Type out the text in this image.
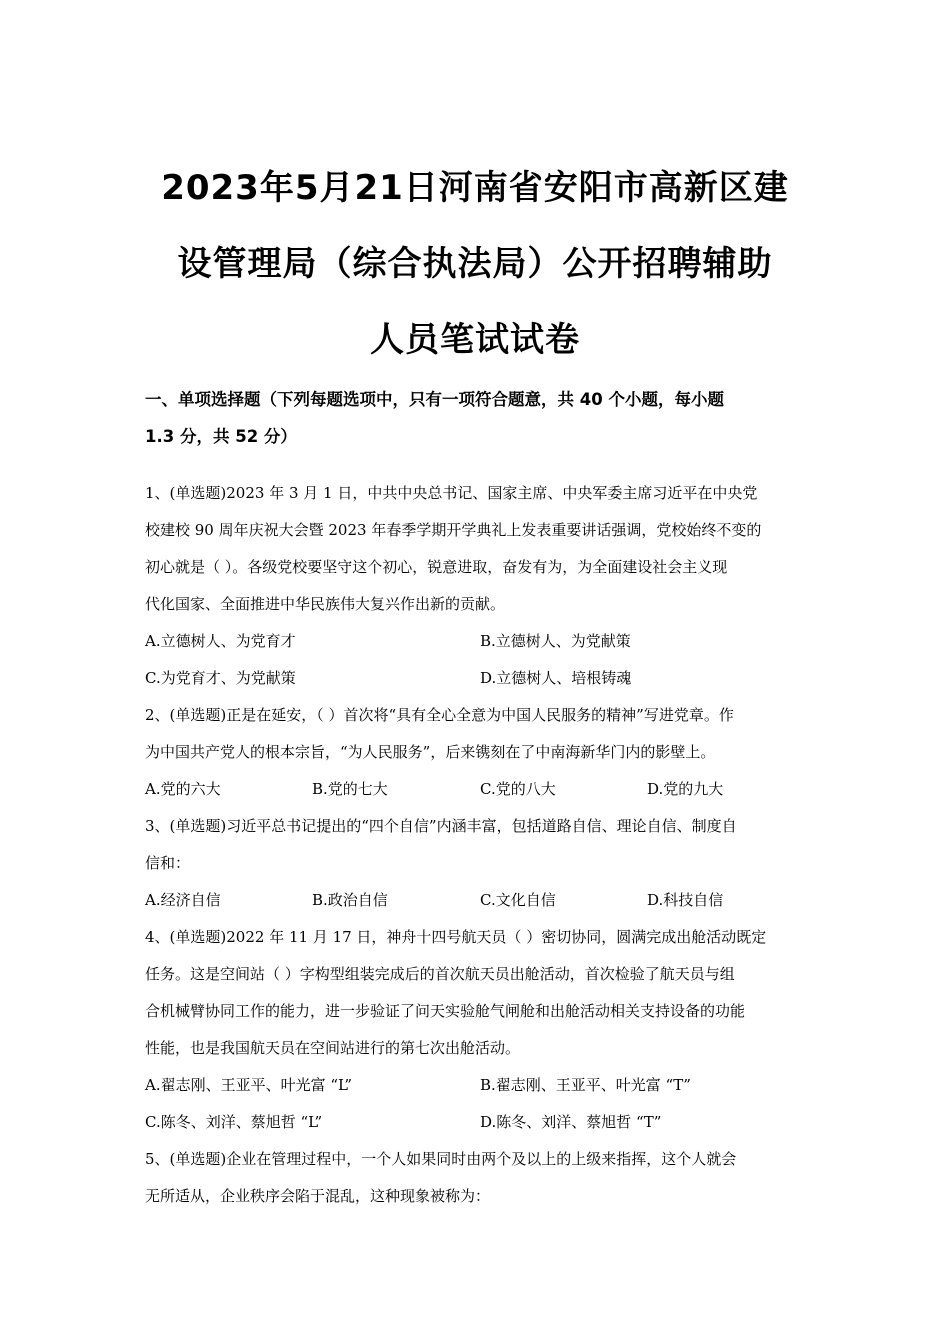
2023年5月21日河南省安阳市高新区建
设管理局（综合执法局）公开招聘辅助
人员笔试试卷
一、单项选择题（下列每题选项中，只有一项符合题意，共 40 个小题，每小题
1.3 分，共 52 分）
1、(单选题)2023 年 3 月 1 日，中共中央总书记、国家主席、中央军委主席习近平在中央党
校建校 90 周年庆祝大会暨 2023 年春季学期开学典礼上发表重要讲话强调，党校始终不变的
初心就是（ ）。各级党校要坚守这个初心，锐意进取，奋发有为，为全面建设社会主义现
代化国家、全面推进中华民族伟大复兴作出新的贡献。
A.立德树人、为党育才	B.立德树人、为党献策
C.为党育才、为党献策	D.立德树人、培根铸魂
2、(单选题)正是在延安，（ ）首次将“具有全心全意为中国人民服务的精神”写进党章。作
为中国共产党人的根本宗旨，“为人民服务”，后来镌刻在了中南海新华门内的影壁上。
A.党的六大	B.党的七大	C.党的八大	D.党的九大
3、(单选题)习近平总书记提出的“四个自信”内涵丰富，包括道路自信、理论自信、制度自
信和：
A.经济自信	B.政治自信	C.文化自信	D.科技自信
4、(单选题)2022 年 11 月 17 日，神舟十四号航天员（ ）密切协同，圆满完成出舱活动既定
任务。这是空间站（ ）字构型组装完成后的首次航天员出舱活动，首次检验了航天员与组
合机械臂协同工作的能力，进一步验证了问天实验舱气闸舱和出舱活动相关支持设备的功能
性能，也是我国航天员在空间站进行的第七次出舱活动。
A.翟志刚、王亚平、叶光富 “L”	B.翟志刚、王亚平、叶光富 “T”
C.陈冬、刘洋、蔡旭哲 “L”	D.陈冬、刘洋、蔡旭哲 “T”
5、(单选题)企业在管理过程中，一个人如果同时由两个及以上的上级来指挥，这个人就会
无所适从，企业秩序会陷于混乱，这种现象被称为：
